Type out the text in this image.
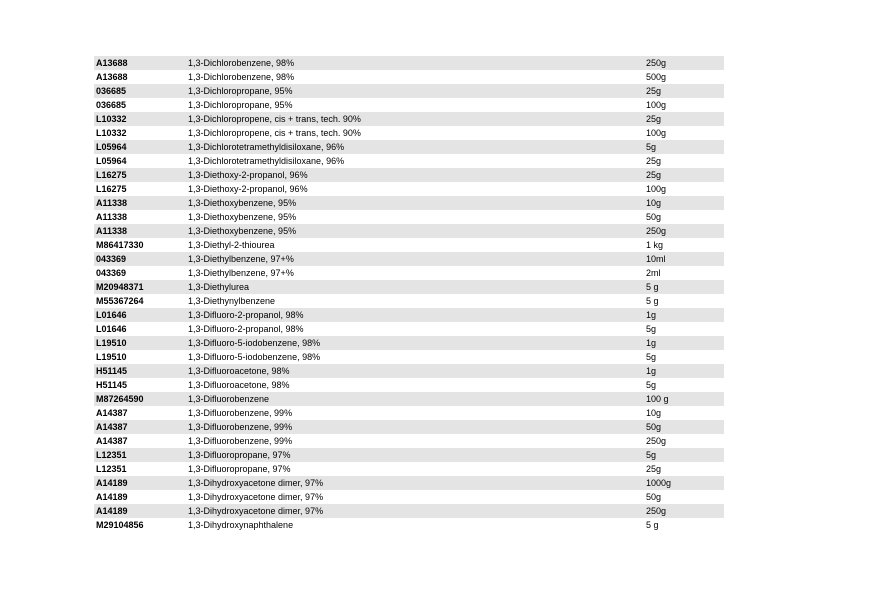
A13688	1,3-Dichlorobenzene, 98%	250g
A13688	1,3-Dichlorobenzene, 98%	500g
036685	1,3-Dichloropropane, 95%	25g
036685	1,3-Dichloropropane, 95%	100g
L10332	1,3-Dichloropropene, cis + trans, tech. 90%	25g
L10332	1,3-Dichloropropene, cis + trans, tech. 90%	100g
L05964	1,3-Dichlorotetramethyldisiloxane, 96%	5g
L05964	1,3-Dichlorotetramethyldisiloxane, 96%	25g
L16275	1,3-Diethoxy-2-propanol, 96%	25g
L16275	1,3-Diethoxy-2-propanol, 96%	100g
A11338	1,3-Diethoxybenzene, 95%	10g
A11338	1,3-Diethoxybenzene, 95%	50g
A11338	1,3-Diethoxybenzene, 95%	250g
M86417330	1,3-Diethyl-2-thiourea	1 kg
043369	1,3-Diethylbenzene, 97+%	10ml
043369	1,3-Diethylbenzene, 97+%	2ml
M20948371	1,3-Diethylurea	5 g
M55367264	1,3-Diethynylbenzene	5 g
L01646	1,3-Difluoro-2-propanol, 98%	1g
L01646	1,3-Difluoro-2-propanol, 98%	5g
L19510	1,3-Difluoro-5-iodobenzene, 98%	1g
L19510	1,3-Difluoro-5-iodobenzene, 98%	5g
H51145	1,3-Difluoroacetone, 98%	1g
H51145	1,3-Difluoroacetone, 98%	5g
M87264590	1,3-Difluorobenzene	100 g
A14387	1,3-Difluorobenzene, 99%	10g
A14387	1,3-Difluorobenzene, 99%	50g
A14387	1,3-Difluorobenzene, 99%	250g
L12351	1,3-Difluoropropane, 97%	5g
L12351	1,3-Difluoropropane, 97%	25g
A14189	1,3-Dihydroxyacetone dimer, 97%	1000g
A14189	1,3-Dihydroxyacetone dimer, 97%	50g
A14189	1,3-Dihydroxyacetone dimer, 97%	250g
M29104856	1,3-Dihydroxynaphthalene	5 g
